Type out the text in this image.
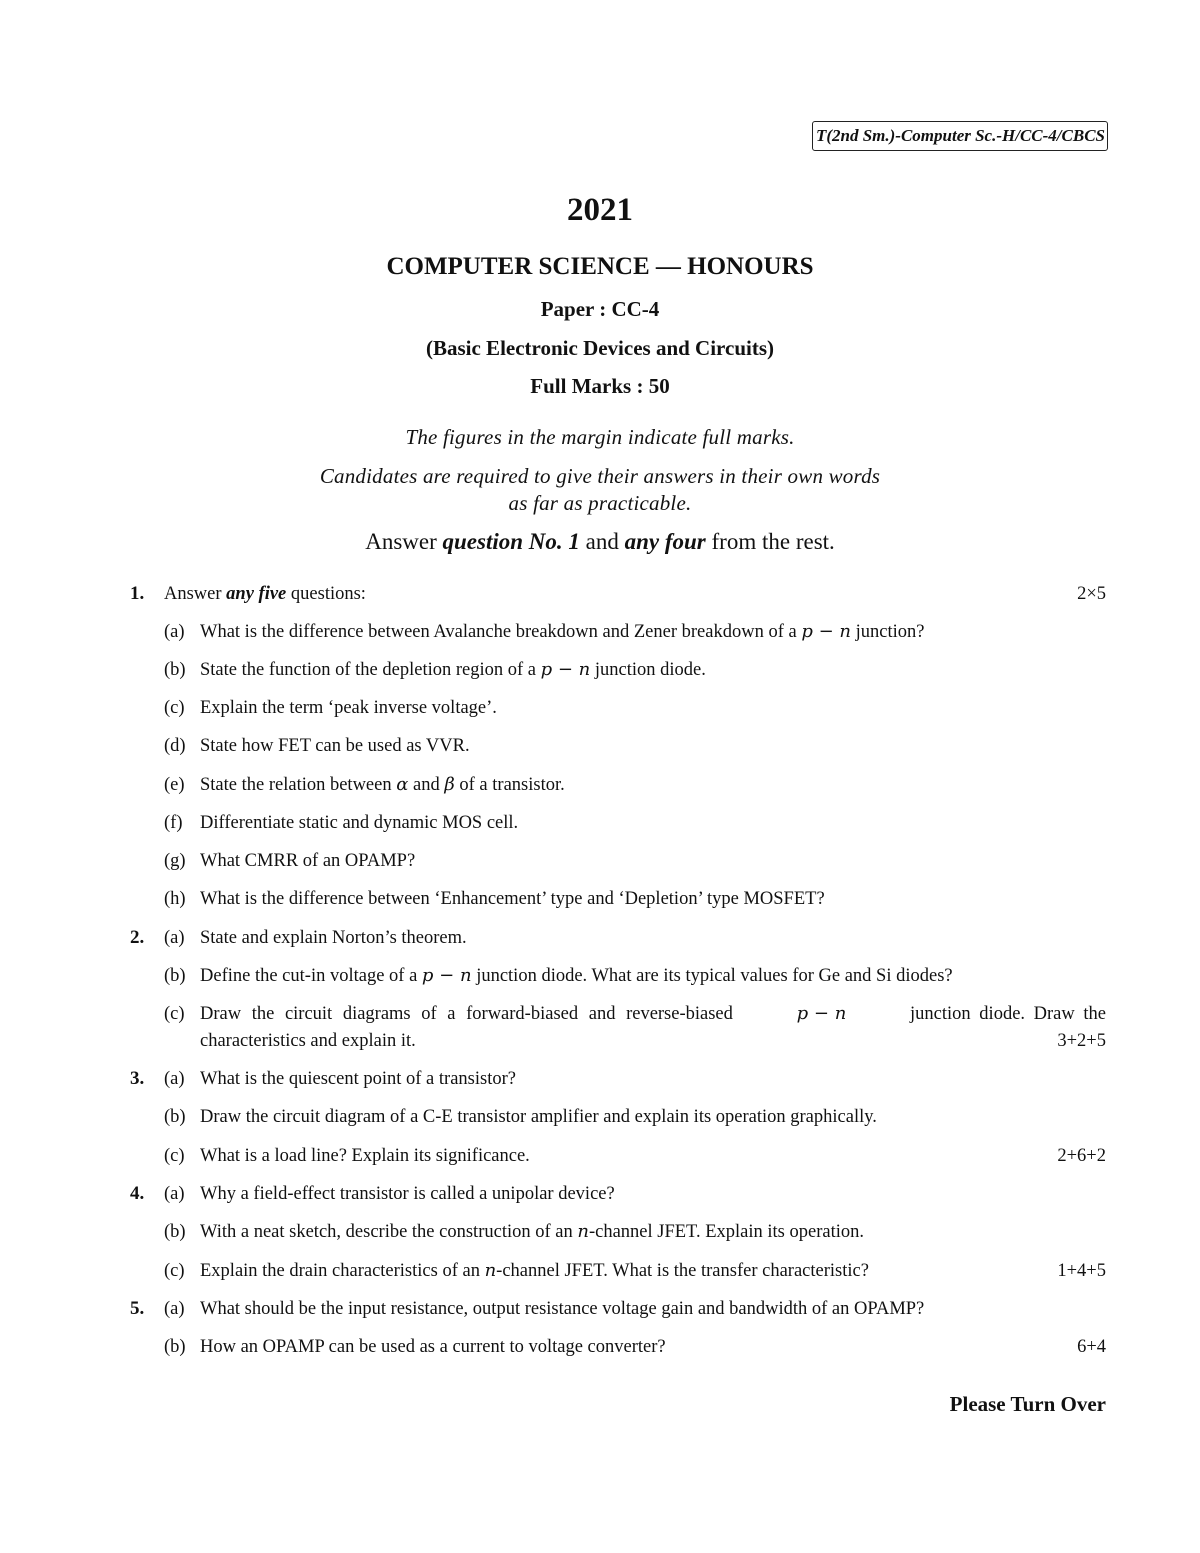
T(2nd Sm.)-Computer Sc.-H/CC-4/CBCS
2021
COMPUTER SCIENCE — HONOURS
Paper : CC-4
(Basic Electronic Devices and Circuits)
Full Marks : 50
The figures in the margin indicate full marks.
Candidates are required to give their answers in their own words
as far as practicable.
Answer question No. 1 and any four from the rest.
1. Answer any five questions:	2×5
(a) What is the difference between Avalanche breakdown and Zener breakdown of a p − n junction?
(b) State the function of the depletion region of a p − n junction diode.
(c) Explain the term ‘peak inverse voltage’.
(d) State how FET can be used as VVR.
(e) State the relation between α and β of a transistor.
(f) Differentiate static and dynamic MOS cell.
(g) What CMRR of an OPAMP?
(h) What is the difference between ‘Enhancement’ type and ‘Depletion’ type MOSFET?
2. (a) State and explain Norton’s theorem.
(b) Define the cut-in voltage of a p − n junction diode. What are its typical values for Ge and Si diodes?
(c) Draw the circuit diagrams of a forward-biased and reverse-biased	p − n	junction diode. Draw the
characteristics and explain it.	3+2+5
3. (a) What is the quiescent point of a transistor?
(b) Draw the circuit diagram of a C-E transistor amplifier and explain its operation graphically.
(c) What is a load line? Explain its significance.	2+6+2
4. (a) Why a field-effect transistor is called a unipolar device?
(b) With a neat sketch, describe the construction of an n-channel JFET. Explain its operation.
(c) Explain the drain characteristics of an n-channel JFET. What is the transfer characteristic?	1+4+5
5. (a) What should be the input resistance, output resistance voltage gain and bandwidth of an OPAMP?
(b) How an OPAMP can be used as a current to voltage converter?	6+4
Please Turn Over
